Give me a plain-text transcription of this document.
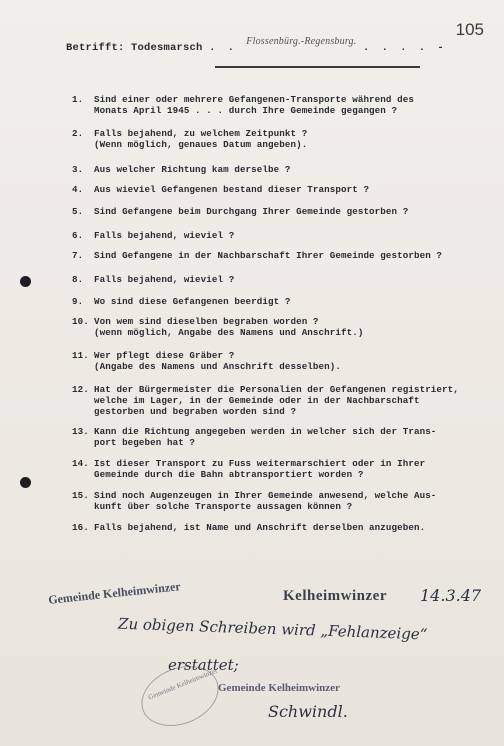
105
Betrifft: Todesmarsch . . Flossenbürg.-Regensburg. . . . . -
1. Sind einer oder mehrere Gefangenen-Transporte während des
Monats April 1945 . . . durch Ihre Gemeinde gegangen ?
2. Falls bejahend, zu welchem Zeitpunkt ?
(Wenn möglich, genaues Datum angeben).
3. Aus welcher Richtung kam derselbe ?
4. Aus wieviel Gefangenen bestand dieser Transport ?
5. Sind Gefangene beim Durchgang Ihrer Gemeinde gestorben ?
6. Falls bejahend, wieviel ?
7. Sind Gefangene in der Nachbarschaft Ihrer Gemeinde gestorben ?
8. Falls bejahend, wieviel ?
9. Wo sind diese Gefangenen beerdigt ?
10. Von wem sind dieselben begraben worden ?
(wenn möglich, Angabe des Namens und Anschrift.)
11. Wer pflegt diese Gräber ?
(Angabe des Namens und Anschrift desselben).
12. Hat der Bürgermeister die Personalien der Gefangenen registriert,
welche im Lager, in der Gemeinde oder in der Nachbarschaft
gestorben und begraben worden sind ?
13. Kann die Richtung angegeben werden in welcher sich der Trans-
port begeben hat ?
14. Ist dieser Transport zu Fuss weitermarschiert oder in Ihrer
Gemeinde durch die Bahn abtransportiert worden ?
15. Sind noch Augenzeugen in Ihrer Gemeinde anwesend, welche Aus-
kunft über solche Transporte aussagen können ?
16. Falls bejahend, ist Name und Anschrift derselben anzugeben.
Gemeinde Kelheimwinzer	Kelheimwinzer 14.3.47
Zu obigen Schreiben wird „Fehlanzeige“
erstattet;
Gemeinde Kelheimwinzer Gemeinde Kelheimwinzer
Schwindl.
